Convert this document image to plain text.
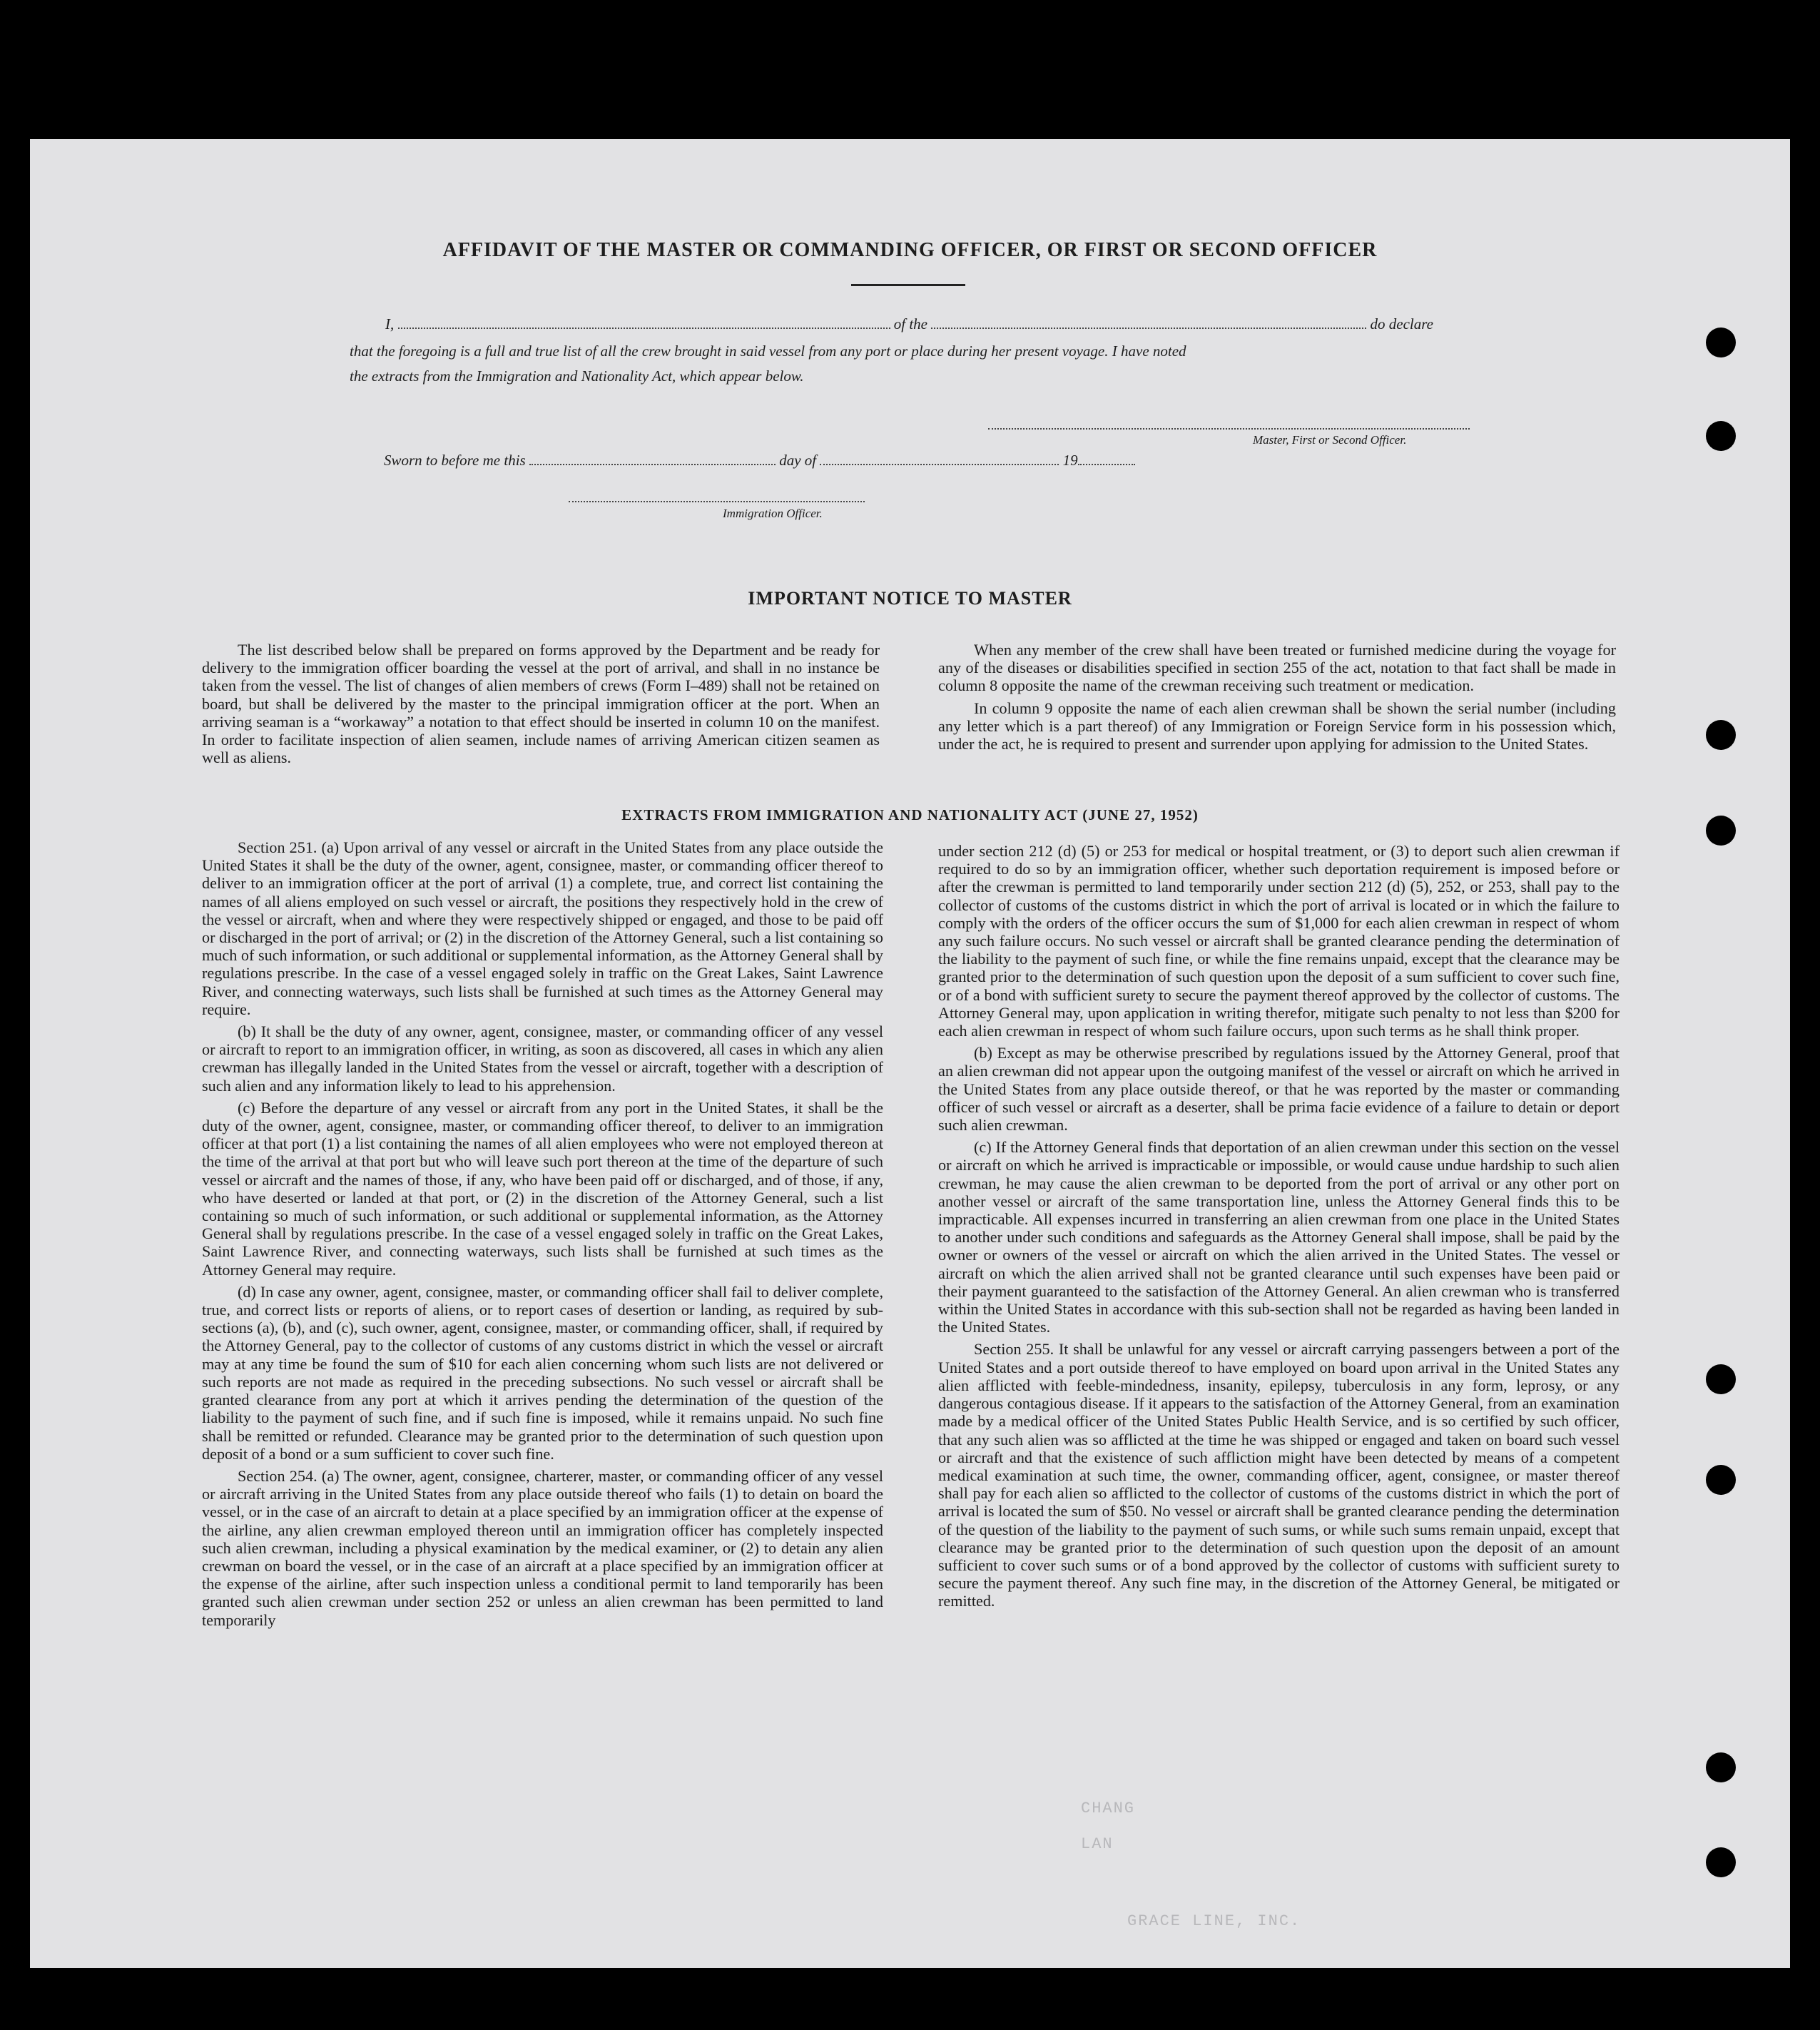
CHANG
LAN
GRACE LINE, INC.
AFFIDAVIT OF THE MASTER OR COMMANDING OFFICER, OR FIRST OR SECOND OFFICER
I,	of the	do declare
that the foregoing is a full and true list of all the crew brought in said vessel from any port or place during her present voyage. I have noted
the extracts from the Immigration and Nationality Act, which appear below.
Master, First or Second Officer.
Sworn to before me this	day of	19
Immigration Officer.
IMPORTANT NOTICE TO MASTER

The list described below shall be prepared on forms approved by the Department and be ready for delivery to the immigration officer boarding the vessel at the port of arrival, and shall in no instance be taken from the vessel. The list of changes of alien members of crews (Form I–489) shall not be retained on board, but shall be delivered by the master to the principal immigration officer at the port. When an arriving seaman is a “workaway” a notation to that effect should be inserted in column 10 on the manifest. In order to facilitate inspection of alien seamen, include names of arriving American citizen seamen as well as aliens.

When any member of the crew shall have been treated or furnished medicine during the voyage for any of the diseases or disabilities specified in section 255 of the act, notation to that fact shall be made in column 8 opposite the name of the crewman receiving such treatment or medication.

In column 9 opposite the name of each alien crewman shall be shown the serial number (including any letter which is a part thereof) of any Immigration or Foreign Service form in his possession which, under the act, he is required to present and surrender upon applying for admission to the United States.

EXTRACTS FROM IMMIGRATION AND NATIONALITY ACT (JUNE 27, 1952)

Section 251. (a) Upon arrival of any vessel or aircraft in the United States from any place outside the United States it shall be the duty of the owner, agent, consignee, master, or commanding officer thereof to deliver to an immigration officer at the port of arrival (1) a complete, true, and correct list containing the names of all aliens employed on such vessel or aircraft, the positions they respectively hold in the crew of the vessel or aircraft, when and where they were respectively shipped or engaged, and those to be paid off or discharged in the port of arrival; or (2) in the discretion of the Attorney General, such a list containing so much of such information, or such additional or supplemental information, as the Attorney General shall by regulations prescribe. In the case of a vessel engaged solely in traffic on the Great Lakes, Saint Lawrence River, and connecting waterways, such lists shall be furnished at such times as the Attorney General may require.

(b) It shall be the duty of any owner, agent, consignee, master, or commanding officer of any vessel or aircraft to report to an immigration officer, in writing, as soon as discovered, all cases in which any alien crewman has illegally landed in the United States from the vessel or aircraft, together with a description of such alien and any information likely to lead to his apprehension.

(c) Before the departure of any vessel or aircraft from any port in the United States, it shall be the duty of the owner, agent, consignee, master, or commanding officer thereof, to deliver to an immigration officer at that port (1) a list containing the names of all alien employees who were not employed thereon at the time of the arrival at that port but who will leave such port thereon at the time of the departure of such vessel or aircraft and the names of those, if any, who have been paid off or discharged, and of those, if any, who have deserted or landed at that port, or (2) in the discretion of the Attorney General, such a list containing so much of such information, or such additional or supplemental information, as the Attorney General shall by regulations prescribe. In the case of a vessel engaged solely in traffic on the Great Lakes, Saint Lawrence River, and connecting waterways, such lists shall be furnished at such times as the Attorney General may require.

(d) In case any owner, agent, consignee, master, or commanding officer shall fail to deliver complete, true, and correct lists or reports of aliens, or to report cases of desertion or landing, as required by sub-sections (a), (b), and (c), such owner, agent, consignee, master, or commanding officer, shall, if required by the Attorney General, pay to the collector of customs of any customs district in which the vessel or aircraft may at any time be found the sum of $10 for each alien concerning whom such lists are not delivered or such reports are not made as required in the preceding subsections. No such vessel or aircraft shall be granted clearance from any port at which it arrives pending the determination of the question of the liability to the payment of such fine, and if such fine is imposed, while it remains unpaid. No such fine shall be remitted or refunded. Clearance may be granted prior to the determination of such question upon deposit of a bond or a sum sufficient to cover such fine.

Section 254. (a) The owner, agent, consignee, charterer, master, or commanding officer of any vessel or aircraft arriving in the United States from any place outside thereof who fails (1) to detain on board the vessel, or in the case of an aircraft to detain at a place specified by an immigration officer at the expense of the airline, any alien crewman employed thereon until an immigration officer has completely inspected such alien crewman, including a physical examination by the medical examiner, or (2) to detain any alien crewman on board the vessel, or in the case of an aircraft at a place specified by an immigration officer at the expense of the airline, after such inspection unless a conditional permit to land temporarily has been granted such alien crewman under section 252 or unless an alien crewman has been permitted to land temporarily

under section 212 (d) (5) or 253 for medical or hospital treatment, or (3) to deport such alien crewman if required to do so by an immigration officer, whether such deportation requirement is imposed before or after the crewman is permitted to land temporarily under section 212 (d) (5), 252, or 253, shall pay to the collector of customs of the customs district in which the port of arrival is located or in which the failure to comply with the orders of the officer occurs the sum of $1,000 for each alien crewman in respect of whom any such failure occurs. No such vessel or aircraft shall be granted clearance pending the determination of the liability to the payment of such fine, or while the fine remains unpaid, except that the clearance may be granted prior to the determination of such question upon the deposit of a sum sufficient to cover such fine, or of a bond with sufficient surety to secure the payment thereof approved by the collector of customs. The Attorney General may, upon application in writing therefor, mitigate such penalty to not less than $200 for each alien crewman in respect of whom such failure occurs, upon such terms as he shall think proper.

(b) Except as may be otherwise prescribed by regulations issued by the Attorney General, proof that an alien crewman did not appear upon the outgoing manifest of the vessel or aircraft on which he arrived in the United States from any place outside thereof, or that he was reported by the master or commanding officer of such vessel or aircraft as a deserter, shall be prima facie evidence of a failure to detain or deport such alien crewman.

(c) If the Attorney General finds that deportation of an alien crewman under this section on the vessel or aircraft on which he arrived is impracticable or impossible, or would cause undue hardship to such alien crewman, he may cause the alien crewman to be deported from the port of arrival or any other port on another vessel or aircraft of the same transportation line, unless the Attorney General finds this to be impracticable. All expenses incurred in transferring an alien crewman from one place in the United States to another under such conditions and safeguards as the Attorney General shall impose, shall be paid by the owner or owners of the vessel or aircraft on which the alien arrived in the United States. The vessel or aircraft on which the alien arrived shall not be granted clearance until such expenses have been paid or their payment guaranteed to the satisfaction of the Attorney General. An alien crewman who is transferred within the United States in accordance with this sub-section shall not be regarded as having been landed in the United States.

Section 255. It shall be unlawful for any vessel or aircraft carrying passengers between a port of the United States and a port outside thereof to have employed on board upon arrival in the United States any alien afflicted with feeble-mindedness, insanity, epilepsy, tuberculosis in any form, leprosy, or any dangerous contagious disease. If it appears to the satisfaction of the Attorney General, from an examination made by a medical officer of the United States Public Health Service, and is so certified by such officer, that any such alien was so afflicted at the time he was shipped or engaged and taken on board such vessel or aircraft and that the existence of such affliction might have been detected by means of a competent medical examination at such time, the owner, commanding officer, agent, consignee, or master thereof shall pay for each alien so afflicted to the collector of customs of the customs district in which the port of arrival is located the sum of $50. No vessel or aircraft shall be granted clearance pending the determination of the question of the liability to the payment of such sums, or while such sums remain unpaid, except that clearance may be granted prior to the determination of such question upon the deposit of an amount sufficient to cover such sums or of a bond approved by the collector of customs with sufficient surety to secure the payment thereof. Any such fine may, in the discretion of the Attorney General, be mitigated or remitted.
